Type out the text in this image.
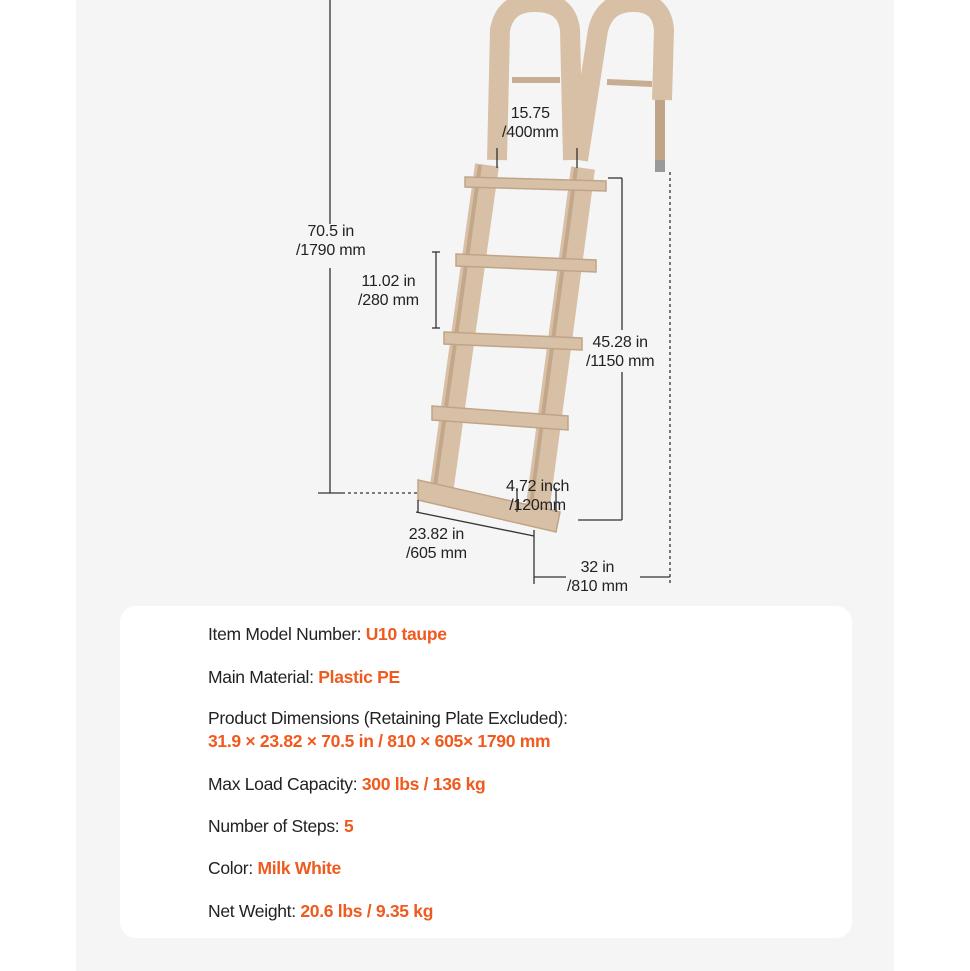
15.75
/400mm
70.5 in
/1790 mm
11.02 in
/280 mm
45.28 in
/1150 mm
4.72 inch
/120mm
23.82 in
/605 mm
32 in
/810 mm
Item Model Number: U10 taupe
Main Material: Plastic PE
Product Dimensions (Retaining Plate Excluded):
31.9 × 23.82 × 70.5 in / 810 × 605× 1790 mm
Max Load Capacity: 300 lbs / 136 kg
Number of Steps: 5
Color: Milk White
Net Weight: 20.6 lbs / 9.35 kg
